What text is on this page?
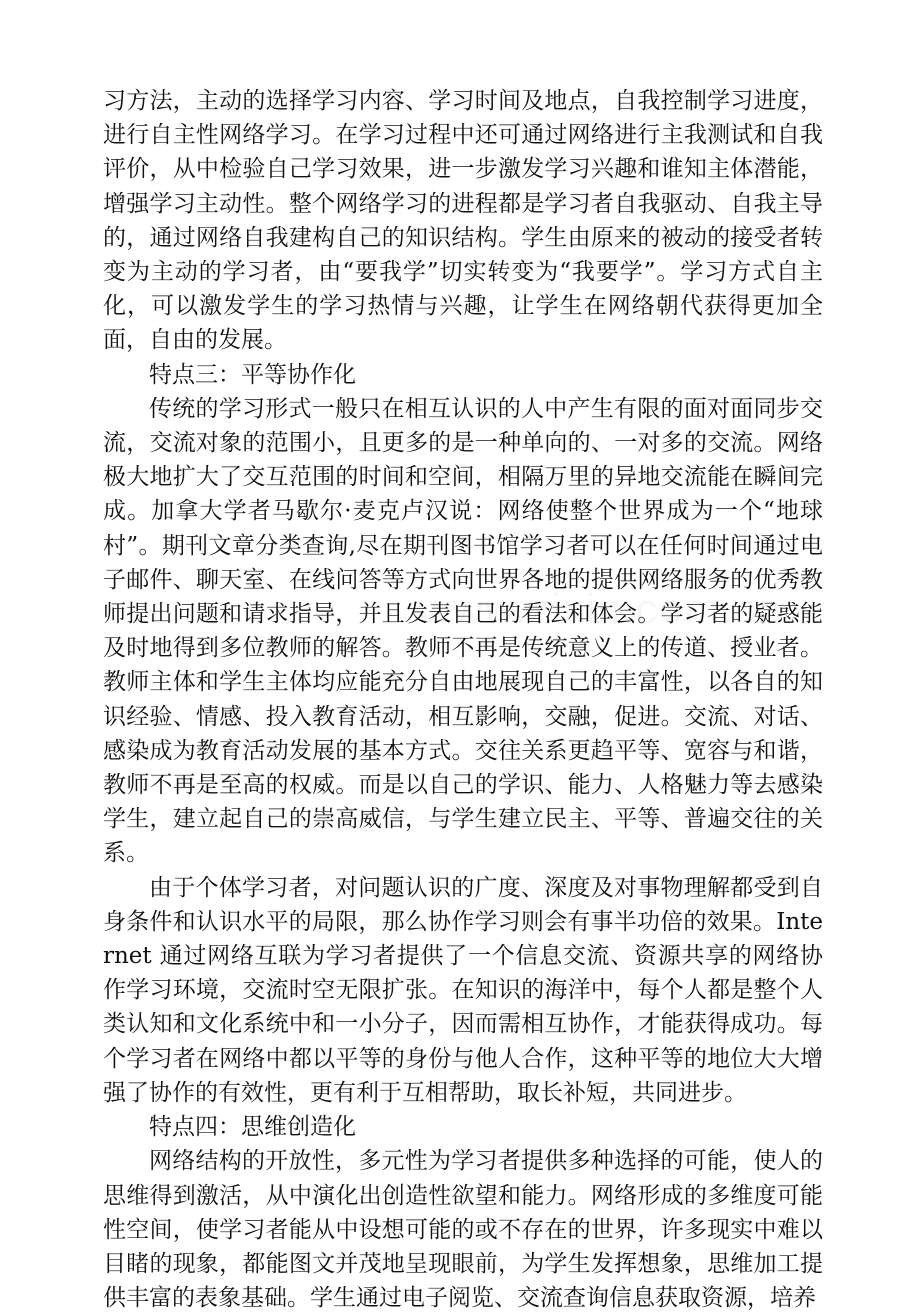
习方法，主动的选择学习内容、学习时间及地点，自我控制学习进度，进行自主性网络学习。在学习过程中还可通过网络进行主我测试和自我评价，从中检验自己学习效果，进一步激发学习兴趣和谁知主体潜能，增强学习主动性。整个网络学习的进程都是学习者自我驱动、自我主导的，通过网络自我建构自己的知识结构。学生由原来的被动的接受者转变为主动的学习者，由“要我学”切实转变为“我要学”。学习方式自主化，可以激发学生的学习热情与兴趣，让学生在网络朝代获得更加全面，自由的发展。

特点三：平等协作化

传统的学习形式一般只在相互认识的人中产生有限的面对面同步交流，交流对象的范围小，且更多的是一种单向的、一对多的交流。网络极大地扩大了交互范围的时间和空间，相隔万里的异地交流能在瞬间完成。加拿大学者马歇尔·麦克卢汉说：网络使整个世界成为一个“地球村”。期刊文章分类查询,尽在期刊图书馆学习者可以在任何时间通过电子邮件、聊天室、在线问答等方式向世界各地的提供网络服务的优秀教师提出问题和请求指导，并且发表自己的看法和体会。学习者的疑惑能及时地得到多位教师的解答。教师不再是传统意义上的传道、授业者。教师主体和学生主体均应能充分自由地展现自己的丰富性，以各自的知识经验、情感、投入教育活动，相互影响，交融，促进。交流、对话、感染成为教育活动发展的基本方式。交往关系更趋平等、宽容与和谐，教师不再是至高的权威。而是以自己的学识、能力、人格魅力等去感染学生，建立起自己的崇高威信，与学生建立民主、平等、普遍交往的关系。

由于个体学习者，对问题认识的广度、深度及对事物理解都受到自身条件和认识水平的局限，那么协作学习则会有事半功倍的效果。Internet 通过网络互联为学习者提供了一个信息交流、资源共享的网络协作学习环境，交流时空无限扩张。在知识的海洋中，每个人都是整个人类认知和文化系统中和一小分子，因而需相互协作，才能获得成功。每个学习者在网络中都以平等的身份与他人合作，这种平等的地位大大增强了协作的有效性，更有利于互相帮助，取长补短，共同进步。

特点四：思维创造化

网络结构的开放性，多元性为学习者提供多种选择的可能，使人的思维得到激活，从中演化出创造性欲望和能力。网络形成的多维度可能性空间，使学习者能从中设想可能的或不存在的世界，许多现实中难以目睹的现象，都能图文并茂地呈现眼前，为学生发挥想象，思维加工提供丰富的表象基础。学生通过电子阅览、交流查询信息获取资源，培养
